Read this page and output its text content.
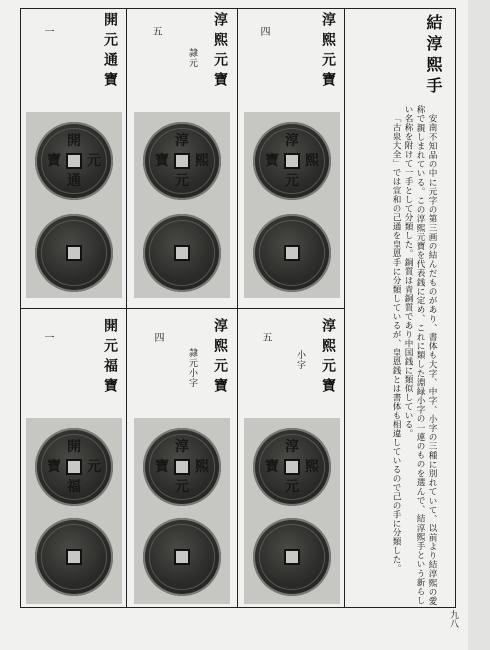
結淳熙手

安南不知品の中に元字の第三画の結んだものがあり、書体も大字、中字、小字の三種に別れていて、以前より結淳熙の愛称で親しまれている。この淳熙元寶を代表銭に定め、これに類した淵緑小字の一連のものを選んで、結淳熙手という新らしい名称を附けて一手として分類した。銅質は青銅質であり中国銭に類似している。

「古泉大全」では宣和の己通を皇恩手に分類しているが、皇恩銭とは書体も相違しているので己の手に分類した。

淳熙元寶
四
淳
元
寶 熙
淳熙元寶
五
隷元
淳
元
寶 熙
開元通寶
一
開
通
寶 元
淳熙元寶
五
小字
淳
元
寶 熙
淳熙元寶
四
隷元小字
淳
元
寶 熙
開元福寶
一
開
福
寶 元
九八
